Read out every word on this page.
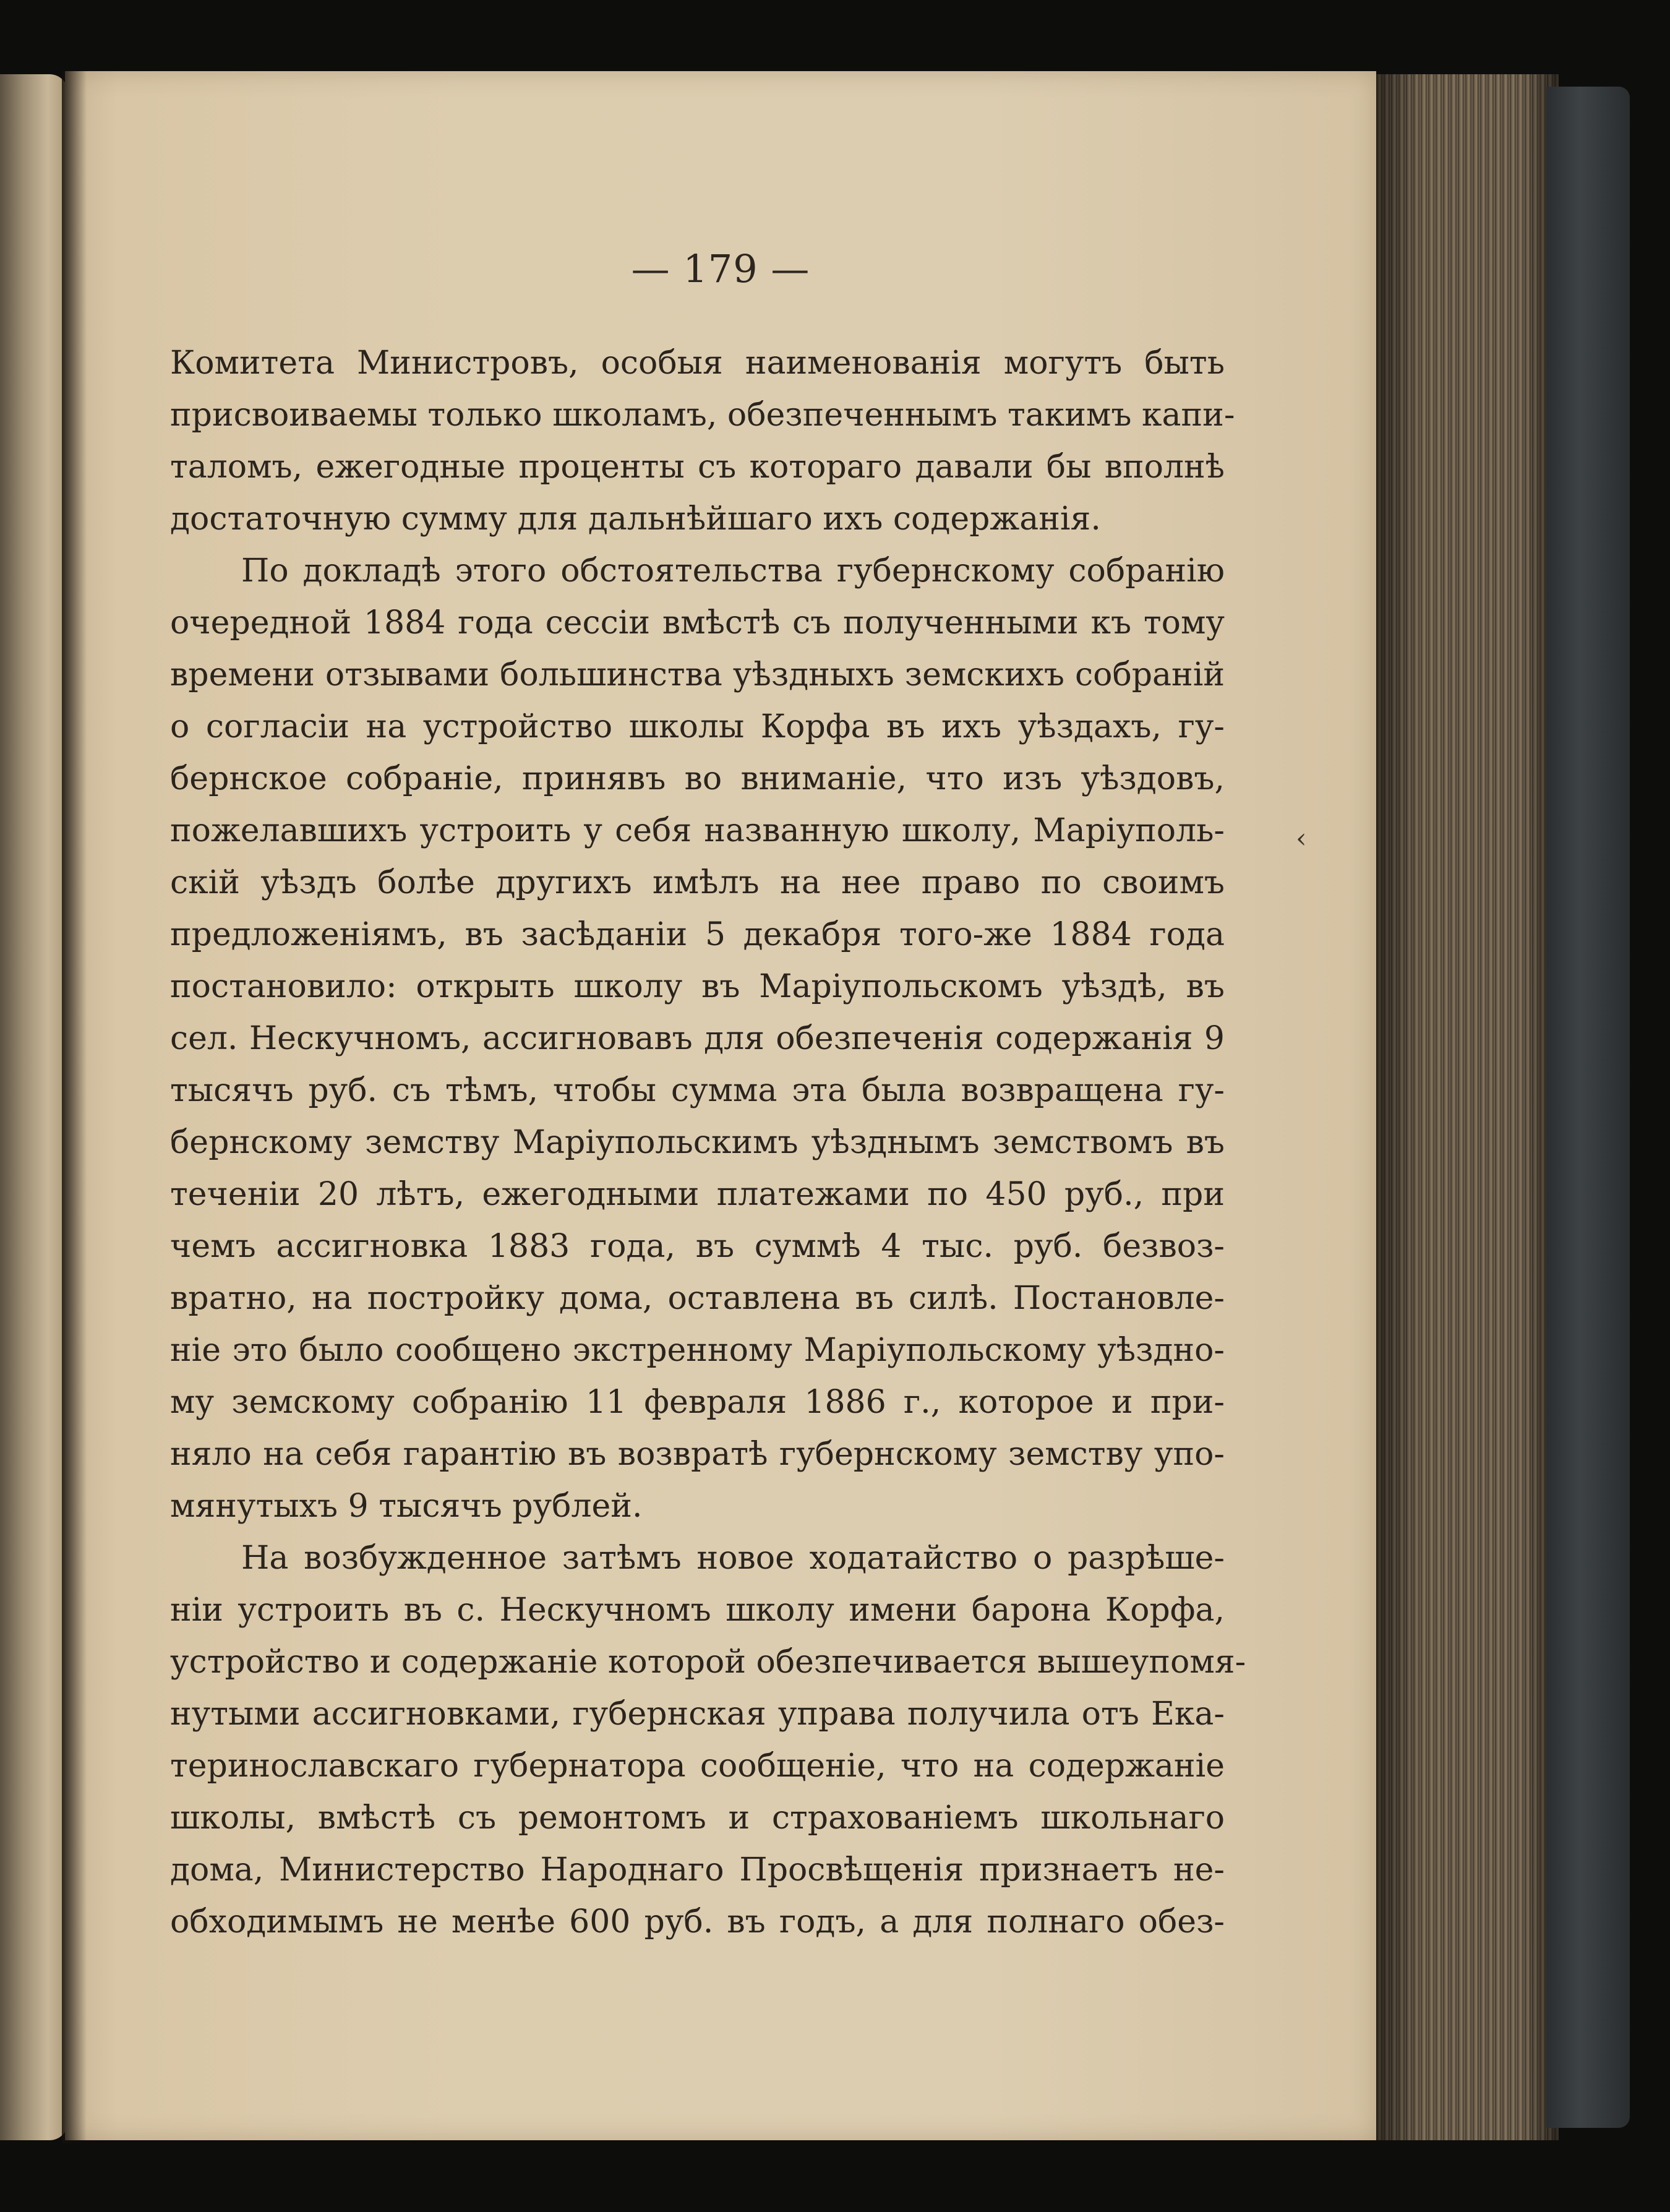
— 179 —

Комитета Министровъ, особыя наименованія могутъ быть
присвоиваемы только школамъ, обезпеченнымъ такимъ капи-
таломъ, ежегодные проценты съ котораго давали бы вполнѣ
достаточную сумму для дальнѣйшаго ихъ содержанія.
По докладѣ этого обстоятельства губернскому собранію
очередной 1884 года сессіи вмѣстѣ съ полученными къ тому
времени отзывами большинства уѣздныхъ земскихъ собраній
о согласіи на устройство школы Корфа въ ихъ уѣздахъ, гу-
бернское собраніе, принявъ во вниманіе, что изъ уѣздовъ,
пожелавшихъ устроить у себя названную школу, Маріуполь-
скій уѣздъ болѣе другихъ имѣлъ на нее право по своимъ
предложеніямъ, въ засѣданіи 5 декабря того-же 1884 года
постановило: открыть школу въ Маріупольскомъ уѣздѣ, въ
сел. Нескучномъ, ассигновавъ для обезпеченія содержанія 9
тысячъ руб. съ тѣмъ, чтобы сумма эта была возвращена гу-
бернскому земству Маріупольскимъ уѣзднымъ земствомъ въ
теченіи 20 лѣтъ, ежегодными платежами по 450 руб., при
чемъ ассигновка 1883 года, въ суммѣ 4 тыс. руб. безвоз-
вратно, на постройку дома, оставлена въ силѣ. Постановле-
ніе это было сообщено экстренному Маріупольскому уѣздно-
му земскому собранію 11 февраля 1886 г., которое и при-
няло на себя гарантію въ возвратѣ губернскому земству упо-
мянутыхъ 9 тысячъ рублей.
На возбужденное затѣмъ новое ходатайство о разрѣше-
ніи устроить въ с. Нескучномъ школу имени барона Корфа,
устройство и содержаніе которой обезпечивается вышеупомя-
нутыми ассигновками, губернская управа получила отъ Ека-
теринославскаго губернатора сообщеніе, что на содержаніе
школы, вмѣстѣ съ ремонтомъ и страхованіемъ школьнаго
дома, Министерство Народнаго Просвѣщенія признаетъ не-
обходимымъ не менѣе 600 руб. въ годъ, а для полнаго обез-
‹
